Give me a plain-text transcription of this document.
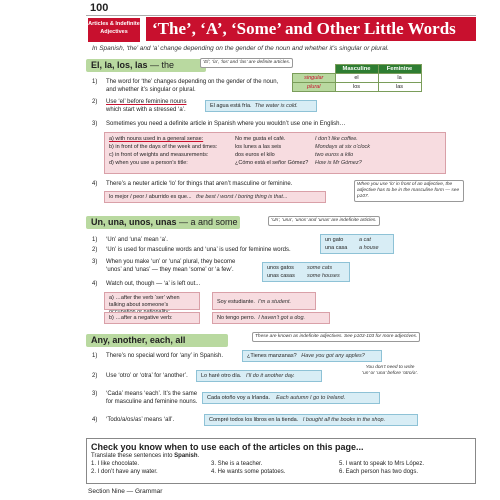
100
Articles & Indefinite Adjectives	‘The’, ‘A’, ‘Some’ and Other Little Words
In Spanish, ‘the’ and ‘a’ change depending on the gender of the noun and whether it’s singular or plural.
El, la, los, las — the	‘El’, ‘la’, ‘los’ and ‘las’ are definite articles.
	Masculine	Feminine
singular	el	la
plural	los	las
1) The word for ‘the’ changes depending on the gender of the noun,
and whether it’s singular or plural.
2) Use ‘el’ before feminine nouns
which start with a stressed ‘a’.
El agua está fría. The water is cold.
3) Sometimes you need a definite article in Spanish where you wouldn’t use one in English…
a) with nouns used in a general sense:	No me gusta el café.	I don’t like coffee.
b) in front of the days of the week and times:	los lunes a las seis	Mondays at six o’clock
c) in front of weights and measurements:	dos euros el kilo	two euros a kilo
d) when you use a person’s title:	¿Cómo está el señor Gómez?	How is Mr Gómez?
4) There’s a neuter article ‘lo’ for things that aren’t masculine or feminine.
lo mejor / peor / aburrido es que... the best / worst / boring thing is that...
When you use ‘lo’ in front of an adjective, the adjective has to be in the masculine form — see p107.
Un, una, unos, unas — a and some	‘Un’, ‘una’, ‘unos’ and ‘unas’ are indefinite articles.
1) ‘Un’ and ‘una’ mean ‘a’.
2) ‘Un’ is used for masculine words and ‘una’ is used for feminine words.
un gato	a cat
una casa	a house
3) When you make ‘un’ or ‘una’ plural, they become
‘unos’ and ‘unas’ — they mean ‘some’ or ‘a few’.	unos gatos	some cats
unas casas	some houses
4) Watch out, though — ‘a’ is left out...
a) …after the verb ‘ser’ when talking about someone’s	Soy estudiante. I’m a student.
b) …after a negative verb:	No tengo perro. I haven’t got a dog.
Any, another, each, all	These are known as indefinite adjectives. See p103-103 for more adjectives.
1) There’s no special word for ‘any’ in Spanish.	¿Tienes manzanas? Have you got any apples?
2) Use ‘otro’ or ‘otra’ for ‘another’.	Lo haré otro día. I’ll do it another day.
You don’t need to write ‘un’ or ‘una’ before ‘otro/a’.
3) ‘Cada’ means ‘each’. It’s the same
for masculine and feminine nouns.
Cada otoño voy a Irlanda. Each autumn I go to Ireland.
4) ‘Todo/a/os/as’ means ‘all’.	Compré todos los libros en la tienda. I bought all the books in the shop.
Check you know when to use each of the articles on this page...
Translate these sentences into Spanish.
1. I like chocolate.	3. She is a teacher.	5. I want to speak to Mrs López.
2. I don’t have any water.	4. He wants some potatoes.	6. Each person has two dogs.
Section Nine — Grammar
